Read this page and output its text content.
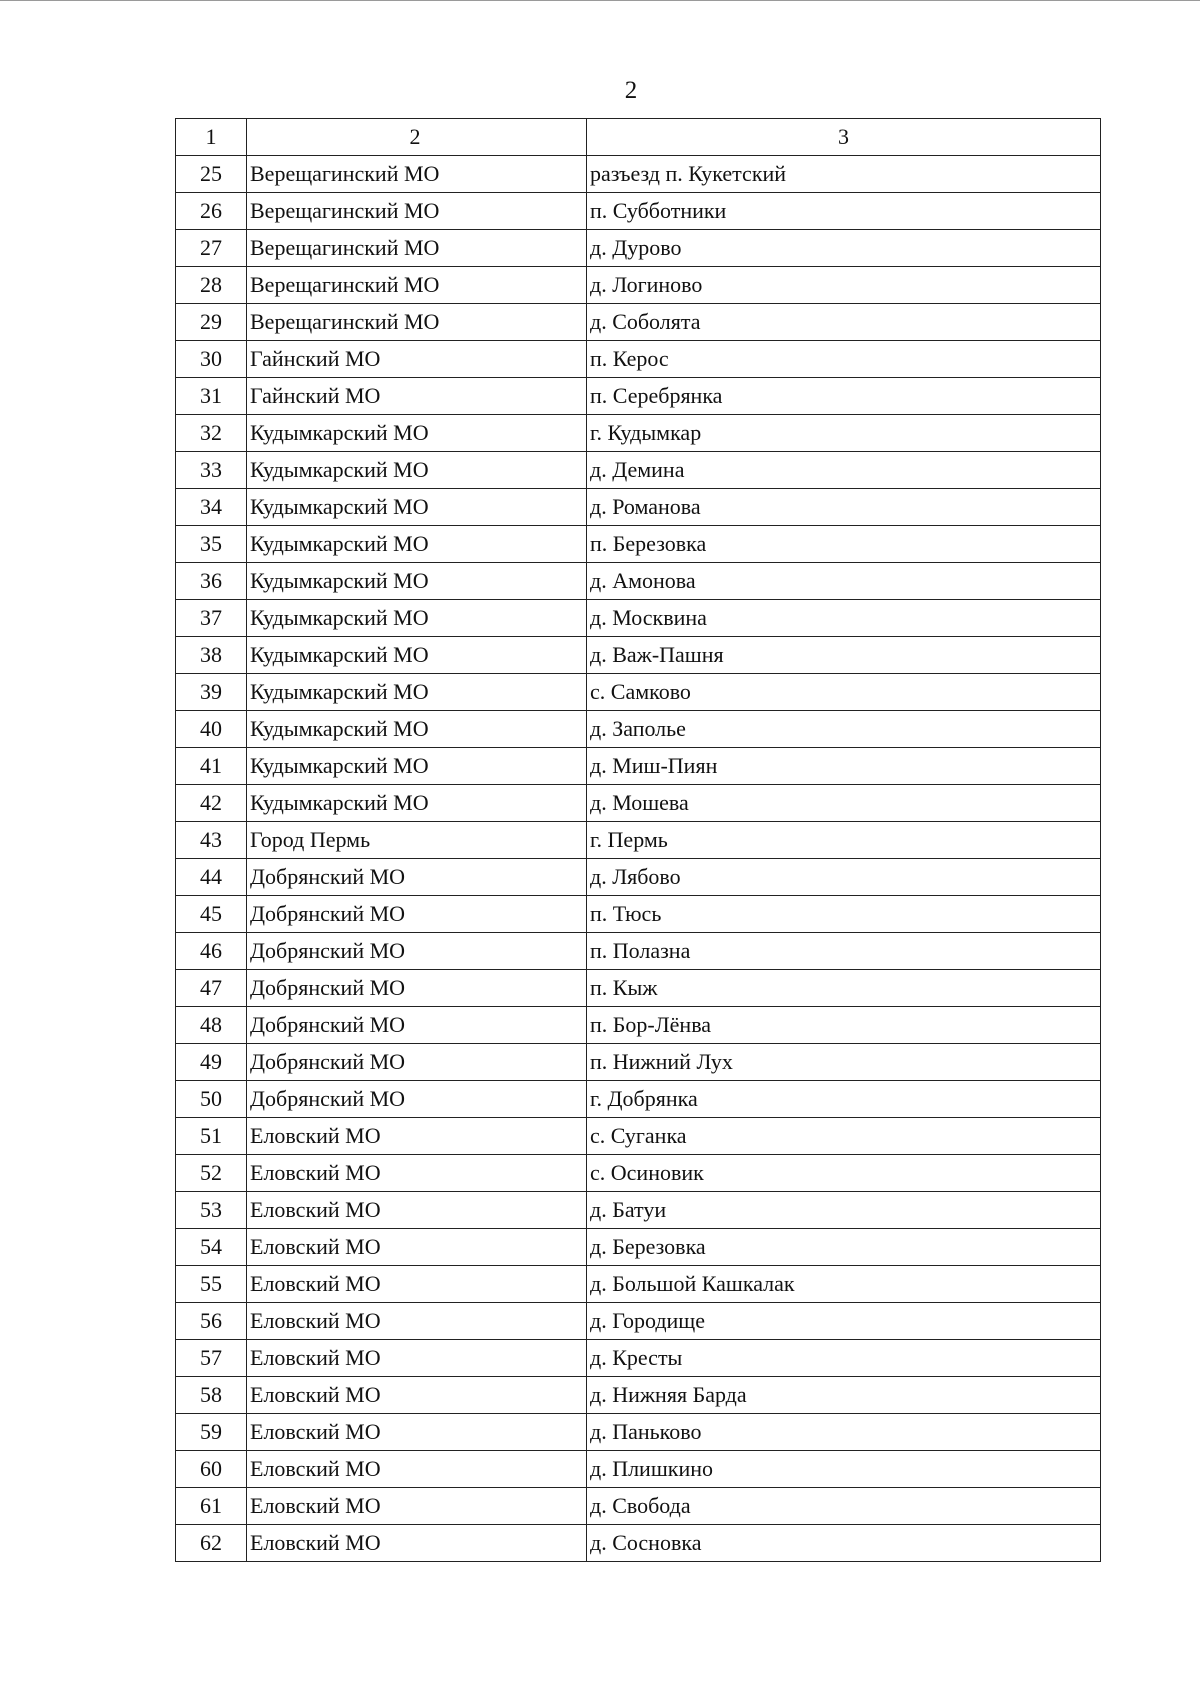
2
1	2	3
25	Верещагинский МО	разъезд п. Кукетский
26	Верещагинский МО	п. Субботники
27	Верещагинский МО	д. Дурово
28	Верещагинский МО	д. Логиново
29	Верещагинский МО	д. Соболята
30	Гайнский МО	п. Керос
31	Гайнский МО	п. Серебрянка
32	Кудымкарский МО	г. Кудымкар
33	Кудымкарский МО	д. Демина
34	Кудымкарский МО	д. Романова
35	Кудымкарский МО	п. Березовка
36	Кудымкарский МО	д. Амонова
37	Кудымкарский МО	д. Москвина
38	Кудымкарский МО	д. Важ-Пашня
39	Кудымкарский МО	с. Самково
40	Кудымкарский МО	д. Заполье
41	Кудымкарский МО	д. Миш-Пиян
42	Кудымкарский МО	д. Мошева
43	Город Пермь	г. Пермь
44	Добрянский МО	д. Лябово
45	Добрянский МО	п. Тюсь
46	Добрянский МО	п. Полазна
47	Добрянский МО	п. Кыж
48	Добрянский МО	п. Бор-Лёнва
49	Добрянский МО	п. Нижний Лух
50	Добрянский МО	г. Добрянка
51	Еловский МО	с. Суганка
52	Еловский МО	с. Осиновик
53	Еловский МО	д. Батуи
54	Еловский МО	д. Березовка
55	Еловский МО	д. Большой Кашкалак
56	Еловский МО	д. Городище
57	Еловский МО	д. Кресты
58	Еловский МО	д. Нижняя Барда
59	Еловский МО	д. Паньково
60	Еловский МО	д. Плишкино
61	Еловский МО	д. Свобода
62	Еловский МО	д. Сосновка
